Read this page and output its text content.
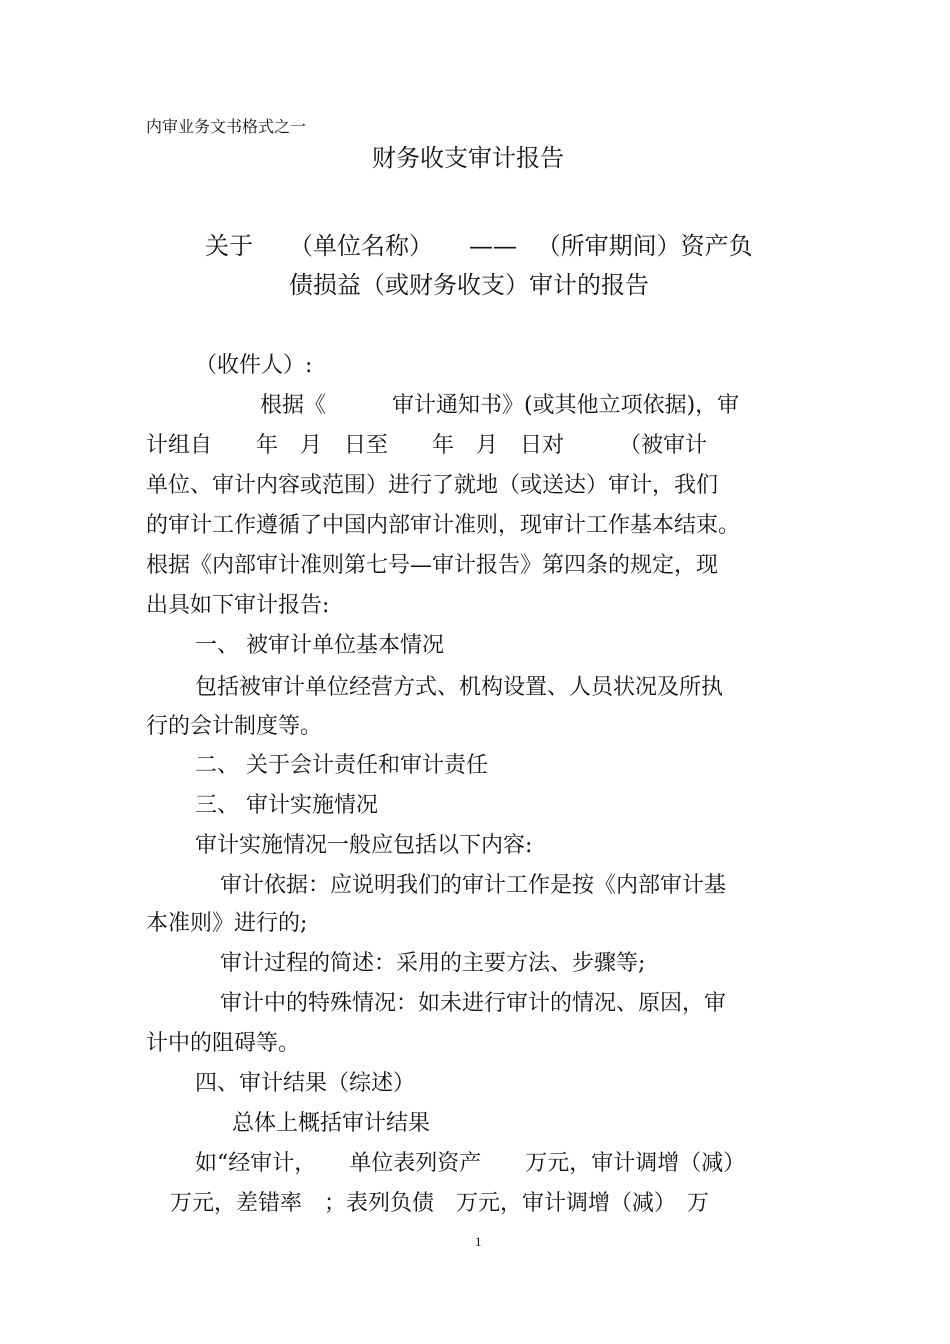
内审业务文书格式之一
财务收支审计报告
关于　　（单位名称）　　—— 　（所审期间）资产负
债损益（或财务收支）审计的报告
（收件人）:
根据《　　　审计通知书》(或其他立项依据)，审
计组自　　年　月　日至　　年　月　日对　　　（被审计
单位、审计内容或范围）进行了就地（或送达）审计，我们
的审计工作遵循了中国内部审计准则，现审计工作基本结束。
根据《内部审计准则第七号—审计报告》第四条的规定，现
出具如下审计报告:
一、 被审计单位基本情况
包括被审计单位经营方式、机构设置、人员状况及所执
行的会计制度等。
二、 关于会计责任和审计责任
三、 审计实施情况
审计实施情况一般应包括以下内容:
审计依据：应说明我们的审计工作是按《内部审计基
本准则》进行的;
审计过程的简述：采用的主要方法、步骤等;
审计中的特殊情况：如未进行审计的情况、原因，审
计中的阻碍等。
四、审计结果（综述）
总体上概括审计结果
如“经审计，　　单位表列资产　　万元，审计调增（减）
万元，差错率　；表列负债　万元，审计调增（减）　万
1
